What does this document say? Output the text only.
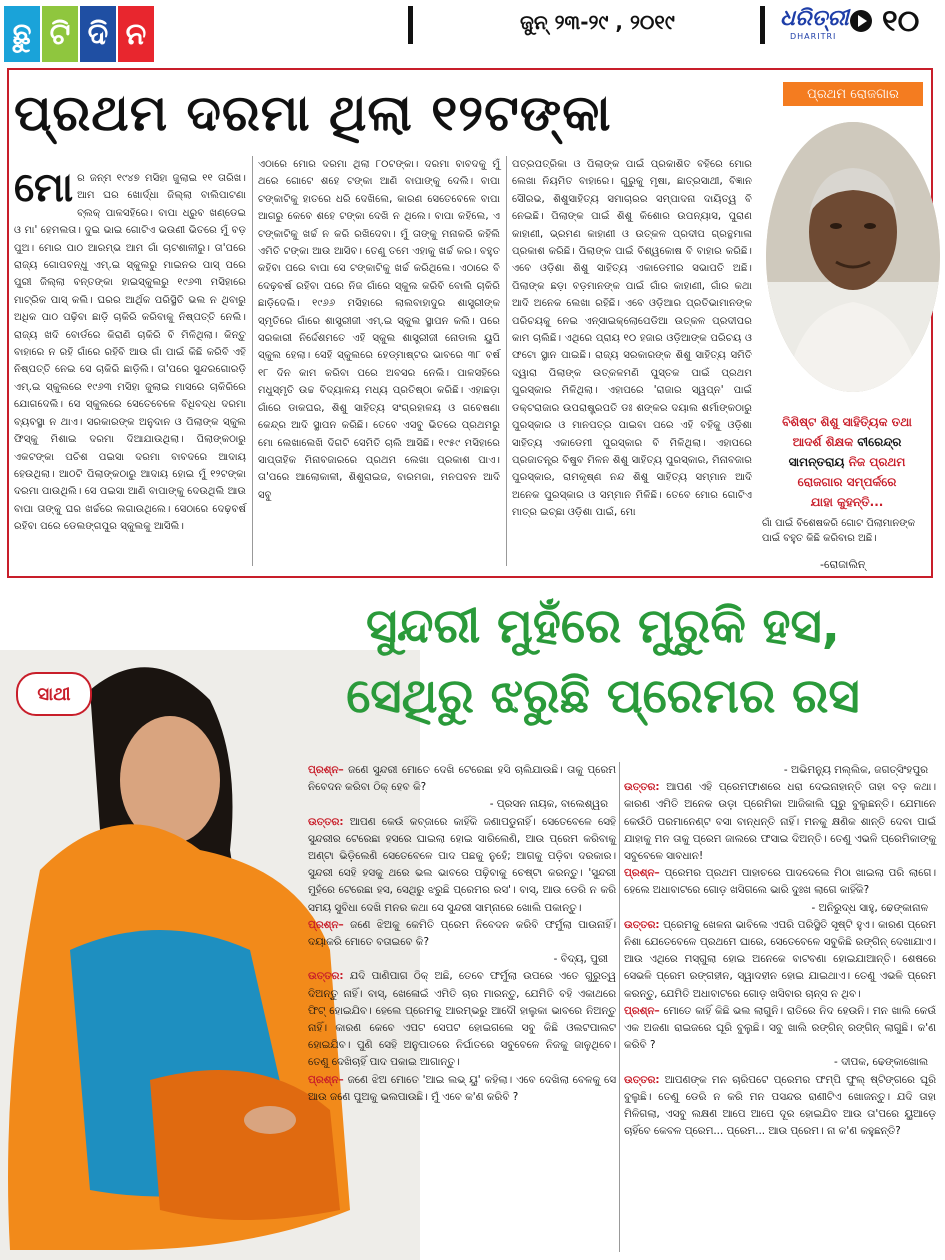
ଛୁ ଟି ଦି ନ	ଜୁନ୍ ୨୩-୨୯ , ୨୦୧୯	ଧରିତ୍ରୀ
DHARITRI ୧୦
ପ୍ରଥମ ଦରମା ଥିଲା ୧୨ଟଙ୍କା	ପ୍ରଥମ ରୋଜଗାର
ମୋର ଜନ୍ମ ୧୯୪୭ ମସିହା ଜୁଲାଇ ୧୧ ତାରିଖ। ଆମ ଘର ଖୋର୍ଦ୍ଧା ଜିଲ୍ଲା ବାଲିପାଟଣା ବ୍ଲକ୍ ପାଳସହିରେ। ବାପା ଧ୍ରୁବ ଖଣ୍ଡେଇ ଓ ମା' ହେମଲତା। ଦୁଇ ଭାଇ ଗୋଟିଏ ଭଉଣୀ ଭିତରେ ମୁଁ ବଡ଼ ପୁଅ। ମୋର ପାଠ ଆରମ୍ଭ ଆମ ଗାଁ ଚାଟଶାଳୀରୁ। ତା'ପରେ ରାଜ୍ୟ ଗୋପବନ୍ଧୁ ଏମ୍.ଇ ସ୍କୁଲରୁ ମାଇନର ପାସ୍ ପରେ ପୁରୀ ଜିଲ୍ଲା ବନ୍ତଙ୍କା ହାଇସ୍କୁଲରୁ ୧୯୬୩ ମସିହାରେ ମାଟ୍ରିକ ପାସ୍ କଲି। ଘରର ଆର୍ଥିକ ପରିସ୍ଥିତି ଭଲ ନ ଥିବାରୁ ଅଧିକ ପାଠ ପଢ଼ିବା ଛାଡ଼ି ଚାକିରି କରିବାକୁ ନିଷ୍ପତ୍ତି ନେଲି। ରାଜ୍ୟ ଖଦି ବୋର୍ଡରେ କିରାଣି ଚାକିରି ବି ମିଳିଥିଲା। କିନ୍ତୁ ବାହାରେ ନ ରହି ଗାଁରେ ରହିବି ଆଉ ଗାଁ ପାଇଁ କିଛି କରିବି ଏହି ନିଷ୍ପତ୍ତି ନେଇ ସେ ଚାକିରି ଛାଡ଼ିଲି। ତା'ପରେ ସୁନ୍ଦରଗୋରଡ଼ି ଏମ୍.ଇ ସ୍କୁଲରେ ୧୯୬୩ ମସିହା ଜୁଲାଇ ମାସରେ ଚାକିରିରେ ଯୋଗଦେଲି। ସେ ସ୍କୁଲରେ ସେତେବେଳେ ବିଧିବଦ୍ଧ ଦରମା ବ୍ୟବସ୍ଥା ନ ଥାଏ। ସରକାରଙ୍କ ଅନୁଦାନ ଓ ପିଲାଙ୍କ ସ୍କୁଲ ଫିସ୍‌କୁ ମିଶାଇ ଦରମା ଦିଆଯାଉଥିଲା। ପିଲାଙ୍କଠାରୁ ଏକଟଙ୍କା ପଚିଶ ପଇସା ଦରମା ବାବଦରେ ଆଦାୟ ହେଉଥିଲା। ଆଠଟି ପିଲାଙ୍କଠାରୁ ଆଦାୟ ହୋଇ ମୁଁ ୧୨ଟଙ୍କା ଦରମା ପାଉଥିଲି। ସେ ପଇସା ଆଣି ବାପାଙ୍କୁ ଦେଉଥିଲି ଆଉ ବାପା ତାଙ୍କୁ ଘର ଖର୍ଚ୍ଚରେ ଲଗାଉଥିଲେ। ସେଠାରେ ଦେଢ଼ବର୍ଷ ରହିବା ପରେ ଡେଲଙ୍ଗପୁର ସ୍କୁଲକୁ ଆସିଲି।
ଏଠାରେ ମୋର ଦରମା ଥିଲା ୮୦ଟଙ୍କା। ଦରମା ବାବଦକୁ ମୁଁ ଥରେ ଗୋଟେ ଶହେ ଟଙ୍କା ଆଣି ବାପାଙ୍କୁ ଦେଲି। ବାପା ଟଙ୍କାଟିକୁ ହାତରେ ଧରି ଦେଖିଲେ, କାରଣ ସେତେବେଳେ ବାପା ଆଗରୁ କେବେ ଶହେ ଟଙ୍କା ଦେଖି ନ ଥିଲେ। ବାପା କହିଲେ, ଏ ଟଙ୍କାଟିକୁ ଖର୍ଚ୍ଚ ନ କରି ରଖିଦେବା। ମୁଁ ତାଙ୍କୁ ମନାକରି କହିଲି ଏମିତି ଟଙ୍କା ଆଉ ଆସିବ। ତେଣୁ ତମେ ଏହାକୁ ଖର୍ଚ୍ଚ କର। ବହୁତ କହିବା ପରେ ବାପା ସେ ଟଙ୍କାଟିକୁ ଖର୍ଚ୍ଚ କରିଥିଲେ। ଏଠାରେ ବି ଦେଢ଼ବର୍ଷ ରହିବା ପରେ ନିଜ ଗାଁରେ ସ୍କୁଲ କରିବି ବୋଲି ଚାକିରି ଛାଡ଼ିଦେଲି। ୧୯୬୬ ମସିହାରେ ଲାଲବାହାଦୁର ଶାସ୍ତ୍ରୀଙ୍କ ସ୍ମୃତିରେ ଗାଁରେ ଶାସ୍ତ୍ରୀଜୀ ଏମ୍.ଇ ସ୍କୁଲ ସ୍ଥାପନ କଲି। ପରେ ସରକାରୀ ନିର୍ଦ୍ଦେଶମତେ ଏହି ସ୍କୁଲ ଶାସ୍ତ୍ରୀଜୀ ନୋଡାଲ ୟୁପି ସ୍କୁଲ ହେଲା। ସେହି ସ୍କୁଲରେ ହେଡ୍‌ମାଷ୍ଟର ଭାବରେ ୩୮ ବର୍ଷ ୧୮ ଦିନ କାମ କରିବା ପରେ ଅବସର ନେଲି। ପାଳସହିରେ ମଧୁସ୍ମୃତି ଉଚ୍ଚ ବିଦ୍ୟାଳୟ ମଧ୍ୟ ପ୍ରତିଷ୍ଠା କରିଛି। ଏହାଛଡ଼ା ଗାଁରେ ଡାକଘର, ଶିଶୁ ସାହିତ୍ୟ ସଂଗ୍ରହାଳୟ ଓ ଗବେଷଣା କେନ୍ଦ୍ର ଆଦି ସ୍ଥାପନ କରିଛି। ତେବେ ଏସବୁ ଭିତରେ ପ୍ରଥମରୁ ମୋ ଲେଖାଲେଖି ଦିଗଟି ସେମିତି ଚାଲି ଆସିଛି। ୧୯୫୯ ମସିହାରେ ସାପ୍ତାହିକ ମିନାବଜାରରେ ପ୍ରଥମ ଲେଖା ପ୍ରକାଶ ପାଏ। ତା'ପରେ ଆଲୋକାଳୀ, ଶିଶୁରାଇଜ, ବାରମଜା, ମନପବନ ଆଦି ସବୁ
ପତ୍ରପତ୍ରିକା ଓ ପିଲାଙ୍କ ପାଇଁ ପ୍ରକାଶିତ ବହିରେ ମୋର ଲେଖା ନିୟମିତ ବାହାରେ। ଗୁରୁକୁ ମୃଷା, ଛାତ୍ରସାଥୀ, ବିଜ୍ଞାନ ସୌରଭ, ଶିଶୁସାହିତ୍ୟ ସମାଚାରର ସମ୍ପାଦନା ଦାୟିତ୍ୱ ବି ନେଇଛି। ପିଲାଙ୍କ ପାଇଁ ଶିଶୁ କିଶୋର ଉପନ୍ୟାସ, ପୁରାଣ କାହାଣୀ, ଭ୍ରମଣ କାହାଣୀ ଓ ଉତ୍କଳ ପ୍ରଦୀପ ଗ୍ରନ୍ଥମାଳା ପ୍ରକାଶ କରିଛି। ପିଲାଙ୍କ ପାଇଁ ବିଶ୍ୱକୋଷ ବି ବାହାର କରିଛି। ଏବେ ଓଡ଼ିଶା ଶିଶୁ ସାହିତ୍ୟ ଏକାଡେମୀର ସଭାପତି ଅଛି। ପିଲାଙ୍କ ଛଡ଼ା ବଡ଼ମାନଙ୍କ ପାଇଁ ଗାଁର କାହାଣୀ, ଗାଁର କଥା ଆଦି ଅନେକ ଲେଖା ରହିଛି। ଏବେ ଓଡ଼ିଆର ପ୍ରତିଭାମାନଙ୍କ ପରିଚୟକୁ ନେଇ ଏନ୍‌ସାଇକ୍ଲୋପେଡିଆ ଉତ୍କଳ ପ୍ରଦୀପର କାମ ଚାଲିଛି। ଏଥିରେ ପ୍ରାୟ ୧୦ ହଜାର ଓଡ଼ିଆଙ୍କ ପରିଚୟ ଓ ଫଟୋ ସ୍ଥାନ ପାଇଛି। ରାଜ୍ୟ ସରକାରଙ୍କ ଶିଶୁ ସାହିତ୍ୟ ସମିତି ଦ୍ୱାରା ପିଲାଙ୍କ ଉତ୍କଳମଣି ପୁସ୍ତକ ପାଇଁ ପ୍ରଥମ ପୁରସ୍କାର ମିଳିଥିଲା। ଏହାପରେ 'ରାଜାର ସ୍ୱପ୍ନ' ପାଇଁ ଡକ୍ଟରାଜାର ଉପରାଷ୍ଟ୍ରପତି ଡଃ ଶଙ୍କର ଦୟାଲ ଶର୍ମାଙ୍କଠାରୁ ପୁରସ୍କାର ଓ ମାନପତ୍ର ପାଇବା ପରେ ଏହି ବହିକୁ ଓଡ଼ିଶା ସାହିତ୍ୟ ଏକାଡେମୀ ପୁରସ୍କାର ବି ମିଳିଥିଲା। ଏହାପରେ ପ୍ରଜାତନ୍ତ୍ର ବିଷୁବ ମିଳନ ଶିଶୁ ସାହିତ୍ୟ ପୁରସ୍କାର, ମିନାବଜାର ପୁରସ୍କାର, ରାମକୃଷ୍ଣ ନନ୍ଦ ଶିଶୁ ସାହିତ୍ୟ ସମ୍ମାନ ଆଦି ଅନେକ ପୁରସ୍କାର ଓ ସମ୍ମାନ ମିଳିଛି। ତେବେ ମୋର ଗୋଟିଏ ମାତ୍ର ଇଚ୍ଛା ଓଡ଼ିଶା ପାଇଁ, ମୋ
ବିଶିଷ୍ଟ ଶିଶୁ ସାହିତ୍ୟିକ ତଥା
ଆଦର୍ଶ ଶିକ୍ଷକ ବୀରେନ୍ଦ୍ର
ସାମନ୍ତରାୟ ନିଜ ପ୍ରଥମ
ରୋଜଗାର ସମ୍ପର୍କରେ
ଯାହା କୁହନ୍ତି...
ଗାଁ ପାଇଁ ବିଶେଷକରି ଗୋଟ ପିଲାମାନଙ୍କ ପାଇଁ ବହୁତ କିଛି କରିବାର ଅଛି।
-ରୋଜାଲିନ୍
ସାଥୀ
ସୁନ୍ଦରୀ ମୁହଁରେ ମୁରୁକି ହସ,
ସେଥିରୁ ଝରୁଛି ପ୍ରେମର ରସ

ପ୍ରଶ୍ନ– ଜଣେ ସୁନ୍ଦରୀ ମୋତେ ଦେଖି ଟେରେଛା ହସି ଚାଲିଯାଉଛି। ତାକୁ ପ୍ରେମ ନିବେଦନ କରିବା ଠିକ୍ ହେବ କି?

- ପ୍ରସନ ନାୟକ, ବାଲେଶ୍ୱର

ଉତ୍ତର: ଆପଣ କେଉଁ କବ୍ଜାରେ କାହିଁକି ଜଣାପଡୁନାହିଁ। ସେତେବେଳେ ସେହି ସୁନ୍ଦରୀର ଟେରେଛା ହସରେ ଘାଇଲା ହୋଇ ସାରିଲେଣି, ଆଉ ପ୍ରେମ କରିବାକୁ ଅଣ୍ଟା ଭିଡ଼ିଲେଣି ସେତେବେଳେ ପାଦ ପଛକୁ ନୁହେଁ; ଆଗକୁ ପଡ଼ିବା ଦରକାର। ସୁନ୍ଦରୀ ସେହି ହସକୁ ଥରେ ଭଲ ଭାବରେ ପଢ଼ିବାକୁ ଚେଷ୍ଟା କରନ୍ତୁ। 'ସୁନ୍ଦରୀ ମୁହଁରେ ଟେରେଛା ହସ, ସେଥିରୁ ଝରୁଛି ପ୍ରେମର ରସ'। ବାସ୍, ଆଉ ଡେରି ନ କରି ସମୟ ସୁବିଧା ଦେଖି ମନର କଥା ସେ ସୁନ୍ଦରୀ ସାମ୍ନାରେ ଖୋଲି ପକାନ୍ତୁ।

ପ୍ରଶ୍ନ– ଜଣେ ଝିଅକୁ କେମିତି ପ୍ରେମ ନିବେଦନ କରିବି ଫର୍ମୁଲା ପାଉନାହିଁ। ଦୟାକରି ମୋତେ ବତାଇବେ କି?

- ବିଦ୍ୟ, ପୁରୀ

ଉତ୍ତର: ଯଦି ପାଣିପାଗ ଠିକ୍ ଅଛି, ତେବେ ଫର୍ମୁଲା ଉପରେ ଏତେ ଗୁରୁତ୍ୱ ଦିଅନ୍ତୁ ନାହିଁ। ବାସ୍, ଖେଳୋଇଁ ଏମିତି ଚାର ମାରନ୍ତୁ, ଯେମିତି ବହି ଏକାଥରେ ଫିଟ୍ ହୋଇଯିବ। ହେଲେ ପ୍ରେମକୁ ଆରମ୍ଭରୁ ଆଦୌ ହାଲୁକା ଭାବରେ ନିଅନ୍ତୁ ନାହିଁ। କାରଣ କେବେ ଏପଟ ସେପଟ ହୋଇଗଲେ ସବୁ କିଛି ଓଲଟପାଲଟ ହୋଇଯିବ। ପୁଣି ସେହି ଅନୁପାତରେ ନିର୍ଘାତରେ ସବୁବେଳେ ନିଜକୁ ଜାଳୁଥିବେ। ତେଣୁ ଦେଖିଚାହିଁ ପାଦ ପକାଇ ଆଗାନ୍ତୁ।

ପ୍ରଶ୍ନ– ଜଣେ ଝିଅ ମୋତେ 'ଆଇ ଲଭ୍ ୟୁ' କହିଲା। ଏବେ ଦେଖିଲା ବେଳକୁ ସେ ଆଉ ଜଣେ ପୁଅକୁ ଭଲପାଉଛି। ମୁଁ ଏବେ କ'ଣ କରିବି ?

- ଅଭିମନ୍ୟୁ ମଲ୍ଲିକ, ଜଗତ୍‌ସିଂହପୁର

ଉତ୍ତର: ଆପଣ ଏହି ପ୍ରେମଫାଶରେ ଧରା ଦେଇନାହାନ୍ତି ତାହା ବଡ଼ କଥା। କାରଣ ଏମିତି ଅନେକ ଉଡ଼ା ପ୍ରେମିକା ଆଜିକାଲି ଘୂରୁ ବୁଲୁଛନ୍ତି। ଯେମାନେ କେଉଁଠି ପରମାନେଣ୍ଟ ବସା ବାନ୍ଧନ୍ତି ନାହିଁ। ମନକୁ କ୍ଷଣିକ ଶାନ୍ତି ଦେବା ପାଇଁ ଯାହାକୁ ମନ ତାକୁ ପ୍ରେମ ଜାଲରେ ଫସାଇ ଦିଅନ୍ତି। ତେଣୁ ଏଭଳି ପ୍ରେମିକାଙ୍କୁ ସବୁବେଳେ ସାବଧାନ!

ପ୍ରଶ୍ନ– ପ୍ରେମର ପ୍ରଥମ ପାହାଚରେ ପାଦଦେଲେ ମିଠା ଖାଇଲା ପରି ଲାଗେ। ହେଲେ ଅଧାବାଟରେ ଗୋଡ଼ ଖସିଗଲେ ଭାରି ଦୁଃଖ ଲାଗେ କାହିଁକି?

- ଅନିରୁଦ୍ଧ ସାହୁ, ଢେଙ୍କାନାଳ

ଉତ୍ତର: ପ୍ରେମକୁ ଖେଳନା ଭାବିଲେ ଏପରି ପରିସ୍ଥିତି ସୃଷ୍ଟି ହୁଏ। କାରଣ ପ୍ରେମ ନିଶା ଯେତେବେଳେ ପ୍ରଥମେ ଘାରେ, ସେତେବେଳେ ସବୁକିଛି ରଙ୍ଗିନ୍ ଦେଖାଯାଏ। ଆଉ ଏଥିରେ ମସ୍ଗୁଲା ହୋଇ ଅନେକେ ବାଟବଣା ହୋଇଯାଆନ୍ତି। ଶେଷରେ ସେଭଳି ପ୍ରେମ ରଙ୍ଗହୀନ, ସ୍ୱାଦହୀନ ହୋଇ ଯାଇଥାଏ। ତେଣୁ ଏଭଳି ପ୍ରେମ କରନ୍ତୁ, ଯେମିତି ଅଧାବାଟରେ ଗୋଡ଼ ଖସିବାର ଚାନ୍ସ ନ ଥିବ।

ପ୍ରଶ୍ନ– ମୋତେ କାହିଁ କିଛି ଭଲ ଲାଗୁନି। ରାତିରେ ନିଦ ହେଉନି। ମନ ଖାଲି କେଉଁ ଏକ ଅଜଣା ରାଇଜରେ ଘୂରି ବୁଲୁଛି। ସବୁ ଖାଲି ରଙ୍ଗିନ୍ ରଙ୍ଗିନ୍ ଲାଗୁଛି। କ'ଣ କରିବି ?

- ଦୀପକ, ଢେଙ୍କାଖୋଲ

ଉତ୍ତର: ଆପଣଙ୍କ ମନ ଚାରିପଟେ ପ୍ରେମର ଫମ୍ପି ଫୁଲ୍ ଷ୍ଟିଙ୍ଗରେ ଘୂରି ବୁଲୁଛି। ତେଣୁ ଡେରି ନ କରି ମନ ପସନ୍ଦର ରାଣୀଟିଏ ଖୋଜନ୍ତୁ। ଯଦି ତାହା ମିଳିଗଲା, ଏସବୁ ଲକ୍ଷଣ ଆପେ ଆପେ ଦୂର ହୋଇଯିବ ଆଉ ତା'ପରେ ୟୁଆଡ଼େ ଚାହିଁବେ କେବଳ ପ୍ରେମ... ପ୍ରେମ... ଆଉ ପ୍ରେମ। ନା କ'ଣ କହୁଛନ୍ତି?
